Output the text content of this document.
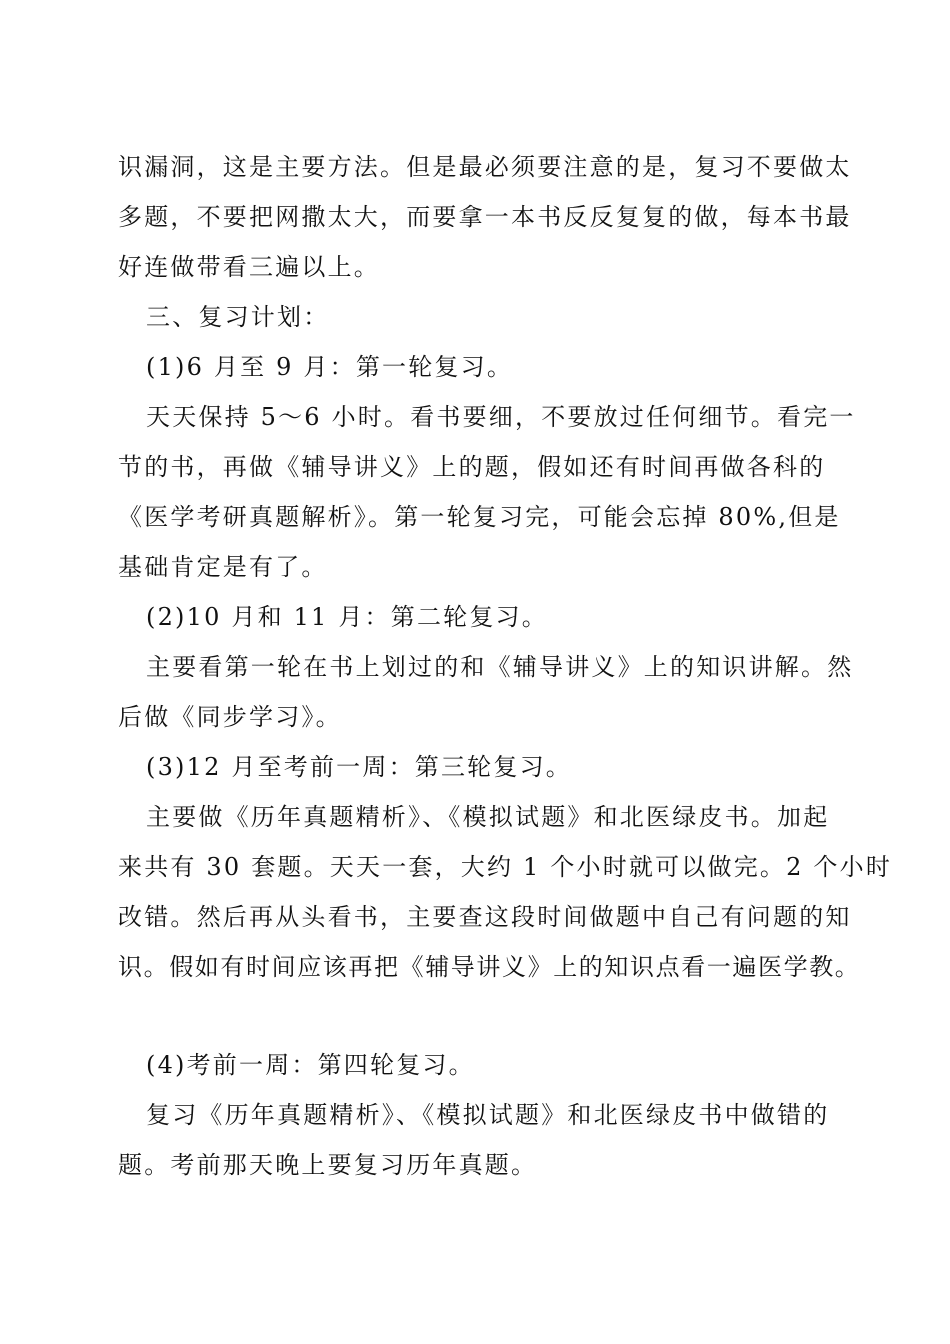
识漏洞，这是主要方法。但是最必须要注意的是，复习不要做太
多题，不要把网撒太大，而要拿一本书反反复复的做，每本书最
好连做带看三遍以上。
三、复习计划：
(1)6 月至 9 月：第一轮复习。
天天保持 5～6 小时。看书要细，不要放过任何细节。看完一
节的书，再做《辅导讲义》上的题，假如还有时间再做各科的
《医学考研真题解析》。第一轮复习完，可能会忘掉 80%,但是
基础肯定是有了。
(2)10 月和 11 月：第二轮复习。
主要看第一轮在书上划过的和《辅导讲义》上的知识讲解。然
后做《同步学习》。
(3)12 月至考前一周：第三轮复习。
主要做《历年真题精析》、《模拟试题》和北医绿皮书。加起
来共有 30 套题。天天一套，大约 1 个小时就可以做完。2 个小时
改错。然后再从头看书，主要查这段时间做题中自己有问题的知
识。假如有时间应该再把《辅导讲义》上的知识点看一遍医学教。
(4)考前一周：第四轮复习。
复习《历年真题精析》、《模拟试题》和北医绿皮书中做错的
题。考前那天晚上要复习历年真题。
